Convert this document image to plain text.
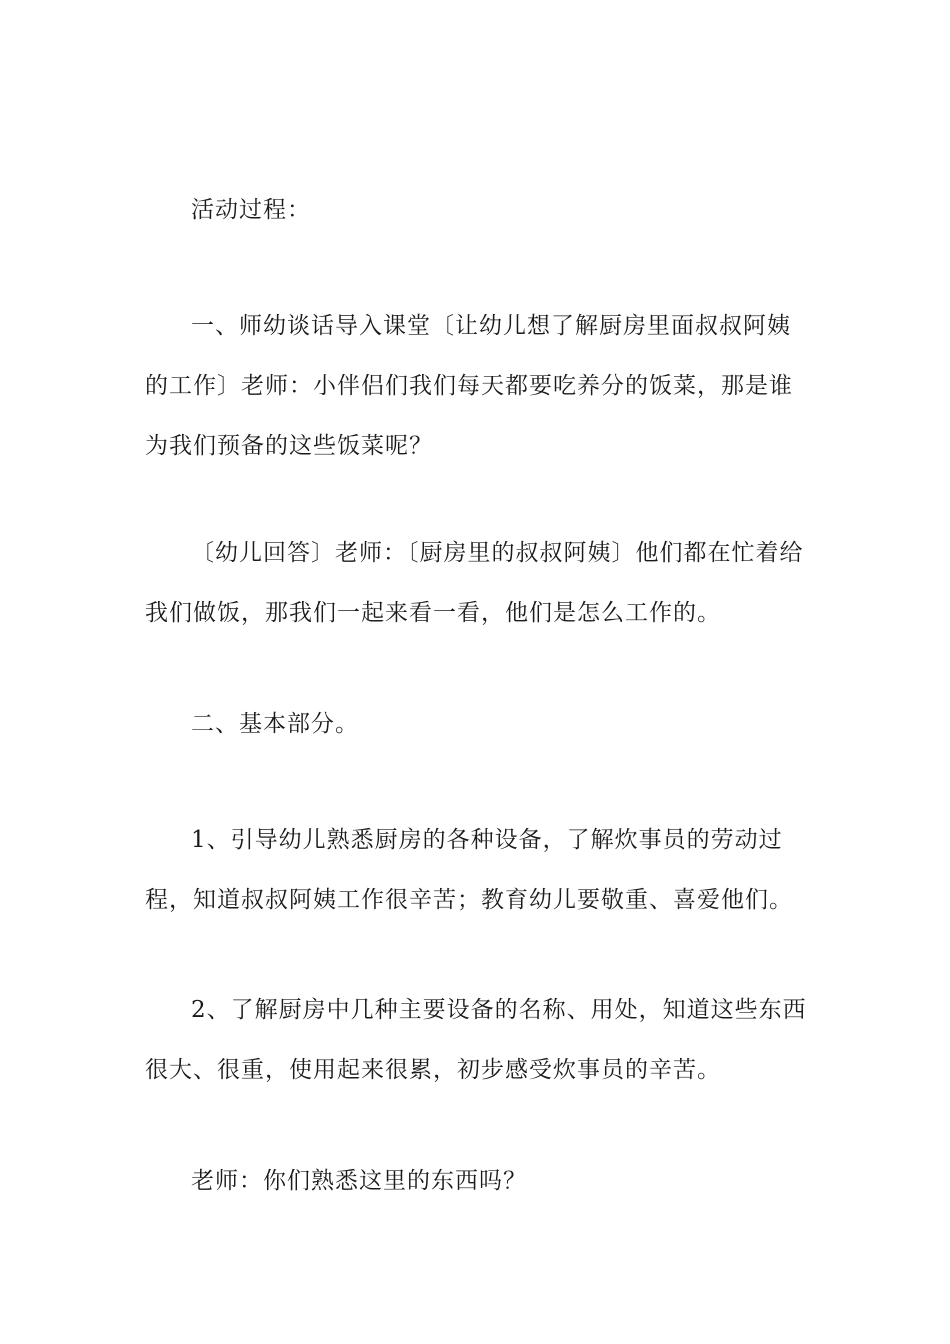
活动过程：

一、师幼谈话导入课堂〔让幼儿想了解厨房里面叔叔阿姨的工作〕老师：小伴侣们我们每天都要吃养分的饭菜，那是谁为我们预备的这些饭菜呢？

〔幼儿回答〕老师：〔厨房里的叔叔阿姨〕他们都在忙着给我们做饭，那我们一起来看一看，他们是怎么工作的。

二、基本部分。

1、引导幼儿熟悉厨房的各种设备，了解炊事员的劳动过程，知道叔叔阿姨工作很辛苦；教育幼儿要敬重、喜爱他们。

2、了解厨房中几种主要设备的名称、用处，知道这些东西很大、很重，使用起来很累，初步感受炊事员的辛苦。

老师：你们熟悉这里的东西吗？
